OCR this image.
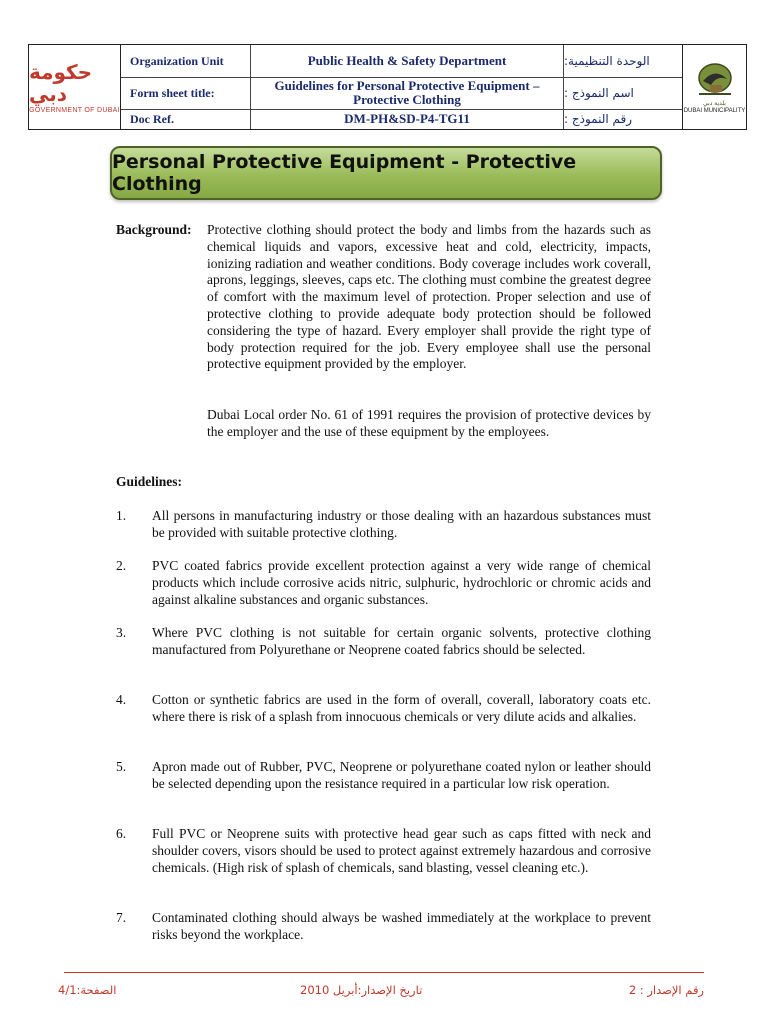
حكومة دبي
GOVERNMENT OF DUBAI
Organization Unit	Public Health & Safety Department	الوحدة التنظيمية:
Form sheet title:	Guidelines for Personal Protective Equipment –
Protective Clothing	اسم النموذج :
Doc Ref.	DM-PH&SD-P4-TG11	رقم النموذج :
بلدية دبي
DUBAI MUNICIPALITY
Personal Protective Equipment - Protective Clothing
Background: Protective clothing should protect the body and limbs from the hazards such as chemical liquids and vapors, excessive heat and cold, electricity, impacts, ionizing radiation and weather conditions. Body coverage includes work coverall, aprons, leggings, sleeves, caps etc. The clothing must combine the greatest degree of comfort with the maximum level of protection. Proper selection and use of protective clothing to provide adequate body protection should be followed considering the type of hazard. Every employer shall provide the right type of body protection required for the job. Every employee shall use the personal protective equipment provided by the employer.
Dubai Local order No. 61 of 1991 requires the provision of protective devices by the employer and the use of these equipment by the employees.
Guidelines:
1. All persons in manufacturing industry or those dealing with an hazardous substances must be provided with suitable protective clothing.
2. PVC coated fabrics provide excellent protection against a very wide range of chemical products which include corrosive acids nitric, sulphuric, hydrochloric or chromic acids and against alkaline substances and organic substances.
3. Where PVC clothing is not suitable for certain organic solvents, protective clothing manufactured from Polyurethane or Neoprene coated fabrics should be selected.
4. Cotton or synthetic fabrics are used in the form of overall, coverall, laboratory coats etc. where there is risk of a splash from innocuous chemicals or very dilute acids and alkalies.
5. Apron made out of Rubber, PVC, Neoprene or polyurethane coated nylon or leather should be selected depending upon the resistance required in a particular low risk operation.
6. Full PVC or Neoprene suits with protective head gear such as caps fitted with neck and shoulder covers, visors should be used to protect against extremely hazardous and corrosive chemicals. (High risk of splash of chemicals, sand blasting, vessel cleaning etc.).
7. Contaminated clothing should always be washed immediately at the workplace to prevent risks beyond the workplace.
الصفحة:4/1	تاريخ الإصدار:أبريل 2010	رقم الإصدار : 2
